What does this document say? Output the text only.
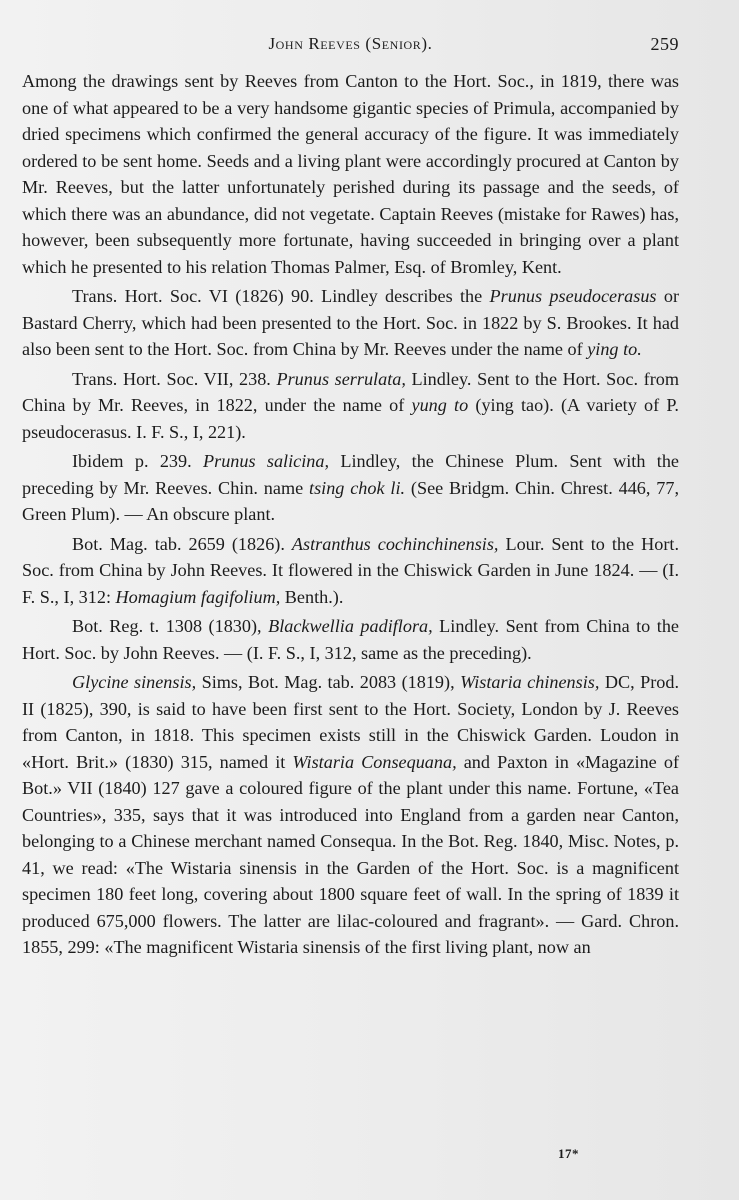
John Reeves (Senior).	259

Among the drawings sent by Reeves from Canton to the Hort. Soc., in 1819, there was one of what appeared to be a very handsome gigantic species of Primula, accompanied by dried specimens which confirmed the general accuracy of the figure. It was immediately ordered to be sent home. Seeds and a living plant were accordingly procured at Canton by Mr. Reeves, but the latter unfortunately perished during its passage and the seeds, of which there was an abundance, did not vegetate. Captain Reeves (mistake for Rawes) has, however, been subsequently more fortunate, having succeeded in bringing over a plant which he presented to his relation Thomas Palmer, Esq. of Bromley, Kent.

Trans. Hort. Soc. VI (1826) 90. Lindley describes the Prunus pseudocerasus or Bastard Cherry, which had been presented to the Hort. Soc. in 1822 by S. Brookes. It had also been sent to the Hort. Soc. from China by Mr. Reeves under the name of ying to.

Trans. Hort. Soc. VII, 238. Prunus serrulata, Lindley. Sent to the Hort. Soc. from China by Mr. Reeves, in 1822, under the name of yung to (ying tao). (A variety of P. pseudocerasus. I. F. S., I, 221).

Ibidem p. 239. Prunus salicina, Lindley, the Chinese Plum. Sent with the preceding by Mr. Reeves. Chin. name tsing chok li. (See Bridgm. Chin. Chrest. 446, 77, Green Plum). — An obscure plant.

Bot. Mag. tab. 2659 (1826). Astranthus cochinchinensis, Lour. Sent to the Hort. Soc. from China by John Reeves. It flowered in the Chiswick Garden in June 1824. — (I. F. S., I, 312: Homagium fagifolium, Benth.).

Bot. Reg. t. 1308 (1830), Blackwellia padiflora, Lindley. Sent from China to the Hort. Soc. by John Reeves. — (I. F. S., I, 312, same as the preceding).

Glycine sinensis, Sims, Bot. Mag. tab. 2083 (1819), Wistaria chinensis, DC, Prod. II (1825), 390, is said to have been first sent to the Hort. Society, London by J. Reeves from Canton, in 1818. This specimen exists still in the Chiswick Garden. Loudon in «Hort. Brit.» (1830) 315, named it Wistaria Consequana, and Paxton in «Magazine of Bot.» VII (1840) 127 gave a coloured figure of the plant under this name. Fortune, «Tea Countries», 335, says that it was introduced into England from a garden near Canton, belonging to a Chinese merchant named Consequa. In the Bot. Reg. 1840, Misc. Notes, p. 41, we read: «The Wistaria sinensis in the Garden of the Hort. Soc. is a magnificent specimen 180 feet long, covering about 1800 square feet of wall. In the spring of 1839 it produced 675,000 flowers. The latter are lilac-coloured and fragrant». — Gard. Chron. 1855, 299: «The magnificent Wistaria sinensis of the first living plant, now an

17*
